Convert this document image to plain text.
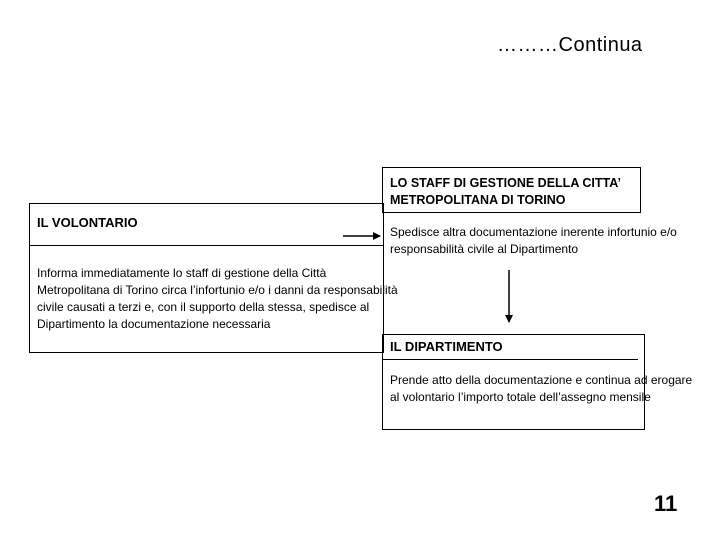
………Continua
IL VOLONTARIO
Informa immediatamente lo staff di gestione della Città Metropolitana di Torino circa l’infortunio e/o i danni da responsabilità civile causati a terzi e, con il supporto della stessa, spedisce al Dipartimento la documentazione necessaria
LO STAFF DI GESTIONE DELLA CITTA’ METROPOLITANA DI TORINO
Spedisce altra documentazione inerente infortunio e/o responsabilità civile al Dipartimento
IL DIPARTIMENTO
Prende atto della documentazione e continua ad erogare al volontario l’importo totale dell’assegno mensile
11
